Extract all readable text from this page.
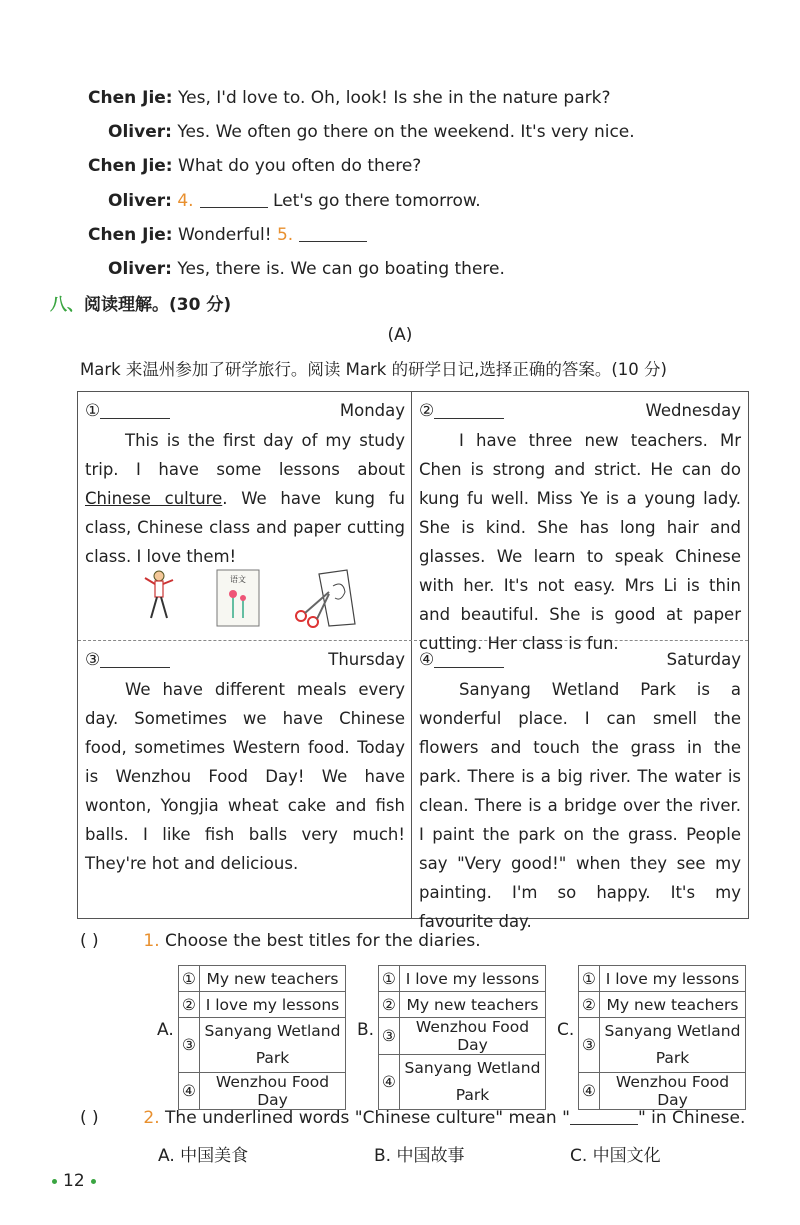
Chen Jie: Yes, I'd love to. Oh, look! Is she in the nature park?
Oliver: Yes. We often go there on the weekend. It's very nice.
Chen Jie: What do you often do there?
Oliver: 4.	Let's go there tomorrow.
Chen Jie: Wonderful! 5.
Oliver: Yes, there is. We can go boating there.
八、阅读理解。(30 分)
(A)
Mark 来温州参加了研学旅行。阅读 Mark 的研学日记,选择正确的答案。(10 分)
①	Monday
This is the first day of my study trip. I have some lessons about Chinese culture. We have kung fu class, Chinese class and paper cutting class. I love them!
语文
②	Wednesday
I have three new teachers. Mr Chen is strong and strict. He can do kung fu well. Miss Ye is a young lady. She is kind. She has long hair and glasses. We learn to speak Chinese with her. It's not easy. Mrs Li is thin and beautiful. She is good at paper cutting. Her class is fun.
③	Thursday
We have different meals every day. Sometimes we have Chinese food, sometimes Western food. Today is Wenzhou Food Day! We have wonton, Yongjia wheat cake and fish balls. I like fish balls very much! They're hot and delicious.
④	Saturday
Sanyang Wetland Park is a wonderful place. I can smell the flowers and touch the grass in the park. There is a big river. The water is clean. There is a bridge over the river. I paint the park on the grass. People say "Very good!" when they see my painting. I'm so happy. It's my favourite day.
( )	1. Choose the best titles for the diaries.
A.
①	My new teachers
②	I love my lessons
③	Sanyang Wetland Park
④	Wenzhou Food Day
B.
①	I love my lessons
②	My new teachers
③	Wenzhou Food Day
④	Sanyang Wetland Park
C.
①	I love my lessons
②	My new teachers
③	Sanyang Wetland Park
④	Wenzhou Food Day
( )	2. The underlined words "Chinese culture" mean "	" in Chinese.
A. 中国美食	B. 中国故事	C. 中国文化
12
